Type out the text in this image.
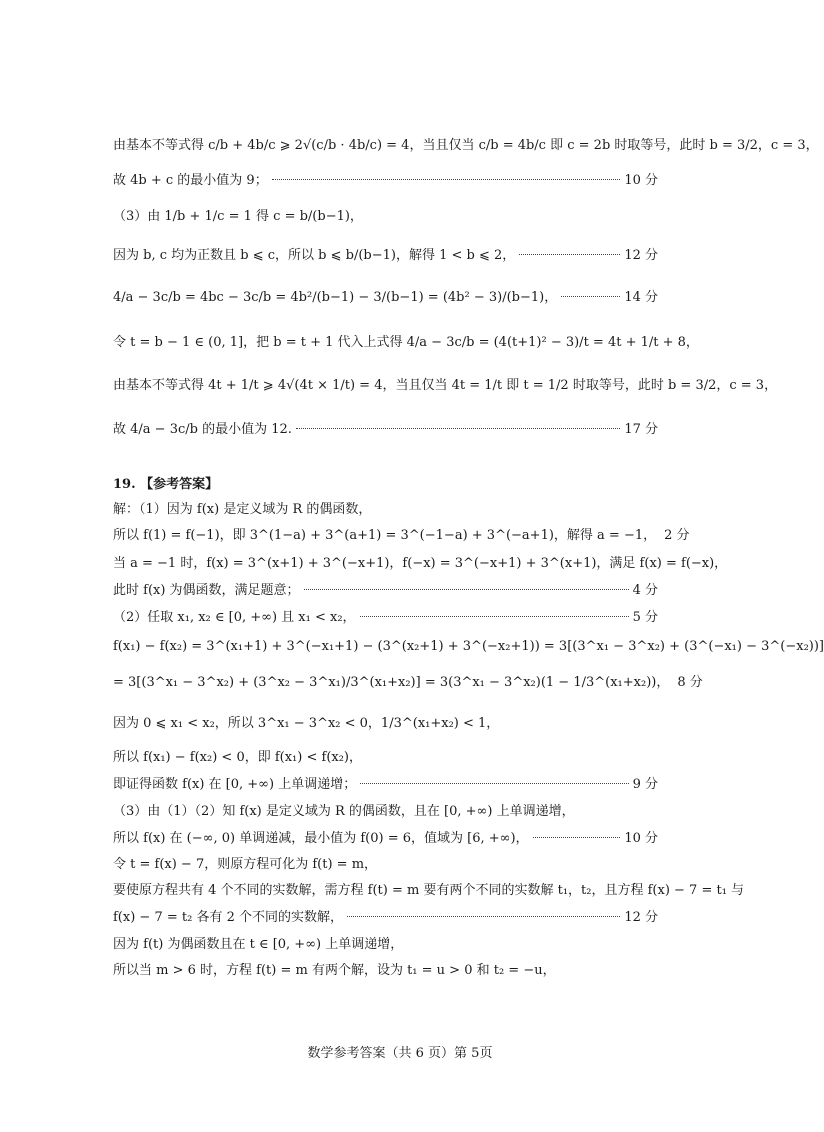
由基本不等式得 c/b + 4b/c ⩾ 2√(c/b · 4b/c) = 4，当且仅当 c/b = 4b/c 即 c = 2b 时取等号，此时 b = 3/2，c = 3，
故 4b + c 的最小值为 9；	10 分
（3）由 1/b + 1/c = 1 得 c = b/(b−1)，
因为 b, c 均为正数且 b ⩽ c，所以 b ⩽ b/(b−1)，解得 1 < b ⩽ 2，	12 分
4/a − 3c/b = 4bc − 3c/b = 4b²/(b−1) − 3/(b−1) = (4b² − 3)/(b−1)，	14 分
令 t = b − 1 ∈ (0, 1]，把 b = t + 1 代入上式得 4/a − 3c/b = (4(t+1)² − 3)/t = 4t + 1/t + 8，
由基本不等式得 4t + 1/t ⩾ 4√(4t × 1/t) = 4，当且仅当 4t = 1/t 即 t = 1/2 时取等号，此时 b = 3/2，c = 3，
故 4/a − 3c/b 的最小值为 12.	17 分
19. 【参考答案】
解：（1）因为 f(x) 是定义域为 R 的偶函数，
所以 f(1) = f(−1)，即 3^(1−a) + 3^(a+1) = 3^(−1−a) + 3^(−a+1)，解得 a = −1， 2 分
当 a = −1 时，f(x) = 3^(x+1) + 3^(−x+1)，f(−x) = 3^(−x+1) + 3^(x+1)，满足 f(x) = f(−x)，
此时 f(x) 为偶函数，满足题意；	4 分
（2）任取 x₁, x₂ ∈ [0, +∞) 且 x₁ < x₂，	5 分
f(x₁) − f(x₂) = 3^(x₁+1) + 3^(−x₁+1) − (3^(x₂+1) + 3^(−x₂+1)) = 3[(3^x₁ − 3^x₂) + (3^(−x₁) − 3^(−x₂))]
= 3[(3^x₁ − 3^x₂) + (3^x₂ − 3^x₁)/3^(x₁+x₂)] = 3(3^x₁ − 3^x₂)(1 − 1/3^(x₁+x₂))， 8 分
因为 0 ⩽ x₁ < x₂，所以 3^x₁ − 3^x₂ < 0，1/3^(x₁+x₂) < 1，
所以 f(x₁) − f(x₂) < 0，即 f(x₁) < f(x₂)，
即证得函数 f(x) 在 [0, +∞) 上单调递增；	9 分
（3）由（1）（2）知 f(x) 是定义域为 R 的偶函数，且在 [0, +∞) 上单调递增，
所以 f(x) 在 (−∞, 0) 单调递减，最小值为 f(0) = 6，值域为 [6, +∞)，	10 分
令 t = f(x) − 7，则原方程可化为 f(t) = m，
要使原方程共有 4 个不同的实数解，需方程 f(t) = m 要有两个不同的实数解 t₁，t₂，且方程 f(x) − 7 = t₁ 与
f(x) − 7 = t₂ 各有 2 个不同的实数解，	12 分
因为 f(t) 为偶函数且在 t ∈ [0, +∞) 上单调递增，
所以当 m > 6 时，方程 f(t) = m 有两个解，设为 t₁ = u > 0 和 t₂ = −u，
数学参考答案（共 6 页）第 5页
